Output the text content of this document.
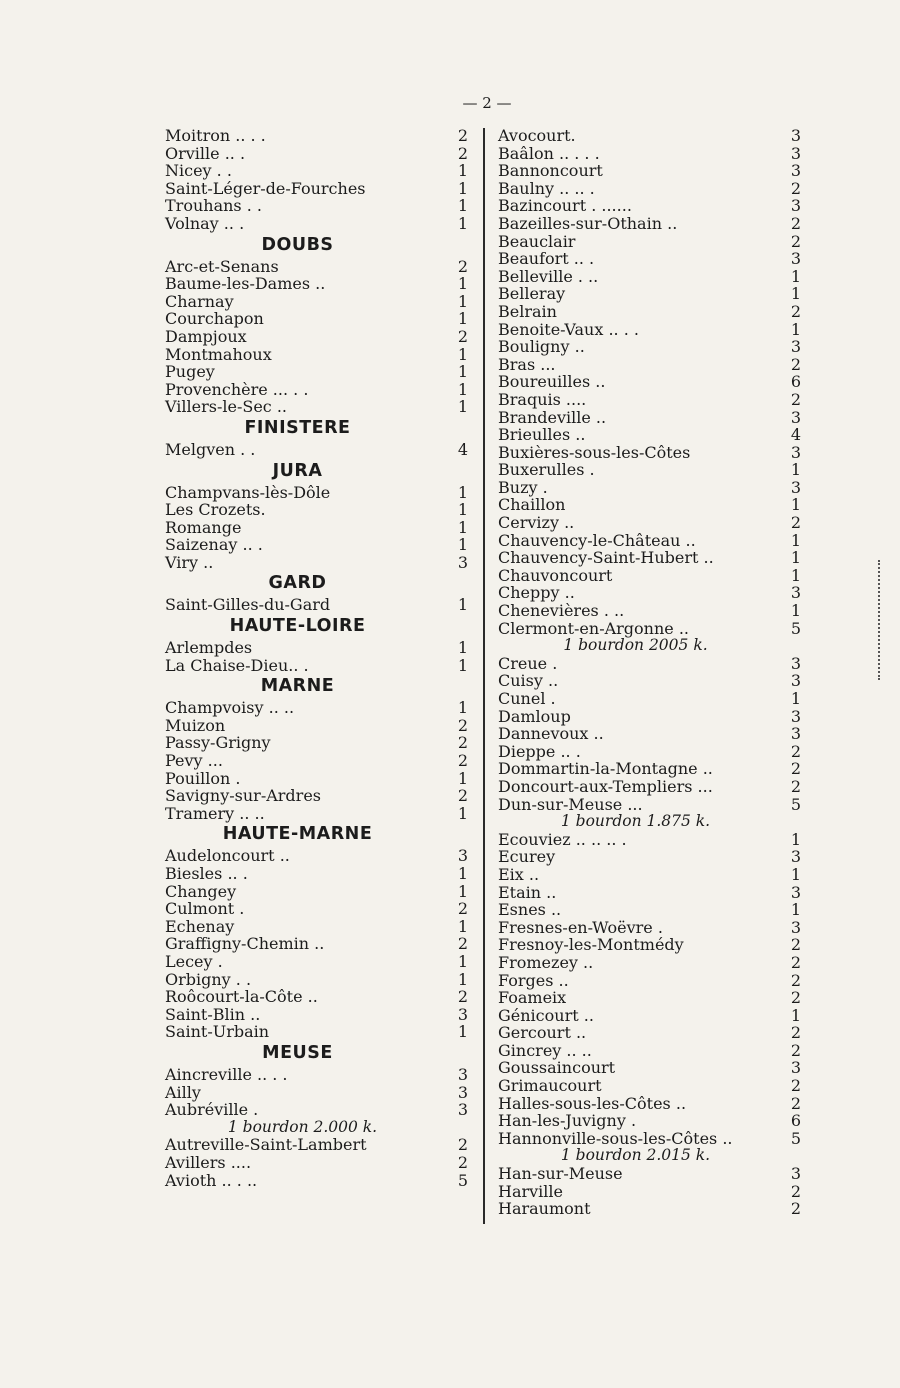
— 2 —
Moitron .. . .	2
Orville .. .	2
Nicey . .	1
Saint-Léger-de-Fourches	1
Trouhans . .	1
Volnay .. .	1
DOUBS
Arc-et-Senans	2
Baume-les-Dames ..	1
Charnay	1
Courchapon	1
Dampjoux	2
Montmahoux	1
Pugey	1
Provenchère ... . .	1
Villers-le-Sec ..	1
FINISTERE
Melgven . .	4
JURA
Champvans-lès-Dôle	1
Les Crozets.	1
Romange	1
Saizenay .. .	1
Viry ..	3
GARD
Saint-Gilles-du-Gard	1
HAUTE-LOIRE
Arlempdes	1
La Chaise-Dieu.. .	1
MARNE
Champvoisy .. ..	1
Muizon	2
Passy-Grigny	2
Pevy ...	2
Pouillon .	1
Savigny-sur-Ardres	2
Tramery .. ..	1
HAUTE-MARNE
Audeloncourt ..	3
Biesles .. .	1
Changey	1
Culmont .	2
Echenay	1
Graffigny-Chemin ..	2
Lecey .	1
Orbigny . .	1
Roôcourt-la-Côte ..	2
Saint-Blin ..	3
Saint-Urbain	1
MEUSE
Aincreville .. . .	3
Ailly	3
Aubréville .	3
1 bourdon 2.000 k.
Autreville-Saint-Lambert	2
Avillers ....	2
Avioth .. . ..	5
Avocourt.	3
Baâlon .. . . .	3
Bannoncourt	3
Baulny .. .. .	2
Bazincourt . ......	3
Bazeilles-sur-Othain ..	2
Beauclair	2
Beaufort .. .	3
Belleville . ..	1
Belleray	1
Belrain	2
Benoite-Vaux .. . .	1
Bouligny ..	3
Bras ...	2
Boureuilles ..	6
Braquis ....	2
Brandeville ..	3
Brieulles ..	4
Buxières-sous-les-Côtes	3
Buxerulles .	1
Buzy .	3
Chaillon	1
Cervizy ..	2
Chauvency-le-Château ..	1
Chauvency-Saint-Hubert ..	1
Chauvoncourt	1
Cheppy ..	3
Chenevières . ..	1
Clermont-en-Argonne ..	5
1 bourdon 2005 k.
Creue .	3
Cuisy ..	3
Cunel .	1
Damloup	3
Dannevoux ..	3
Dieppe .. .	2
Dommartin-la-Montagne ..	2
Doncourt-aux-Templiers ...	2
Dun-sur-Meuse ...	5
1 bourdon 1.875 k.
Ecouviez .. .. .. .	1
Ecurey	3
Eix ..	1
Etain ..	3
Esnes ..	1
Fresnes-en-Woëvre .	3
Fresnoy-les-Montmédy	2
Fromezey ..	2
Forges ..	2
Foameix	2
Génicourt ..	1
Gercourt ..	2
Gincrey .. ..	2
Goussaincourt	3
Grimaucourt	2
Halles-sous-les-Côtes ..	2
Han-les-Juvigny .	6
Hannonville-sous-les-Côtes ..	5
1 bourdon 2.015 k.
Han-sur-Meuse	3
Harville	2
Haraumont	2
